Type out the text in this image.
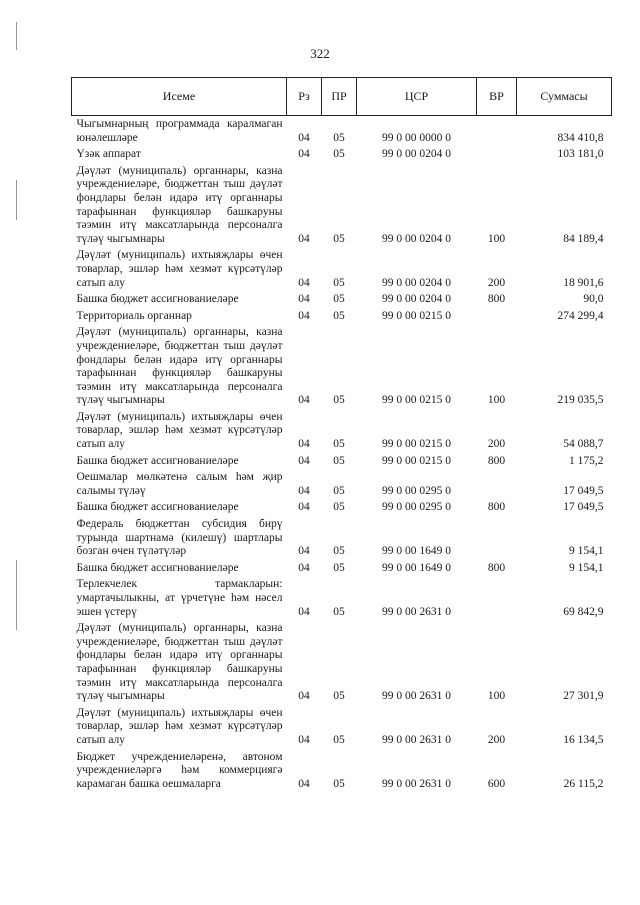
322
Исеме	Рз	ПР	ЦСР	ВР	Суммасы
Чыгымнарның программада каралмаган юнәлешләре	04	05	99 0 00 0000 0		834 410,8
Үзәк аппарат	04	05	99 0 00 0204 0		103 181,0
Дәүләт (муниципаль) органнары, казна учреждениеләре, бюджеттан тыш дәүләт фондлары белән идарә итү органнары тарафыннан функцияләр башкаруны тәэмин итү максатларында персоналга түләү чыгымнары	04	05	99 0 00 0204 0	100	84 189,4
Дәүләт (муниципаль) ихтыяҗлары өчен товарлар, эшләр һәм хезмәт күрсәтүләр сатып алу	04	05	99 0 00 0204 0	200	18 901,6
Башка бюджет ассигнованиеләре	04	05	99 0 00 0204 0	800	90,0
Территориаль органнар	04	05	99 0 00 0215 0		274 299,4
Дәүләт (муниципаль) органнары, казна учреждениеләре, бюджеттан тыш дәүләт фондлары белән идарә итү органнары тарафыннан функцияләр башкаруны тәэмин итү максатларында персоналга түләү чыгымнары	04	05	99 0 00 0215 0	100	219 035,5
Дәүләт (муниципаль) ихтыяҗлары өчен товарлар, эшләр һәм хезмәт күрсәтүләр сатып алу	04	05	99 0 00 0215 0	200	54 088,7
Башка бюджет ассигнованиеләре	04	05	99 0 00 0215 0	800	1 175,2
Оешмалар мөлкәтенә салым һәм җир салымы түләү	04	05	99 0 00 0295 0		17 049,5
Башка бюджет ассигнованиеләре	04	05	99 0 00 0295 0	800	17 049,5
Федераль бюджеттан субсидия бирү турында шартнамә (килешү) шартлары бозган өчен түләтүләр	04	05	99 0 00 1649 0		9 154,1
Башка бюджет ассигнованиеләре	04	05	99 0 00 1649 0	800	9 154,1
Терлекчелек тармакларын: умартачылыкны, ат үрчетүне һәм нәсел эшен үстерү	04	05	99 0 00 2631 0		69 842,9
Дәүләт (муниципаль) органнары, казна учреждениеләре, бюджеттан тыш дәүләт фондлары белән идарә итү органнары тарафыннан функцияләр башкаруны тәэмин итү максатларында персоналга түләү чыгымнары	04	05	99 0 00 2631 0	100	27 301,9
Дәүләт (муниципаль) ихтыяҗлары өчен товарлар, эшләр һәм хезмәт күрсәтүләр сатып алу	04	05	99 0 00 2631 0	200	16 134,5
Бюджет учреждениеләренә, автоном учреждениеләргә һәм коммерциягә карамаган башка оешмаларга	04	05	99 0 00 2631 0	600	26 115,2
